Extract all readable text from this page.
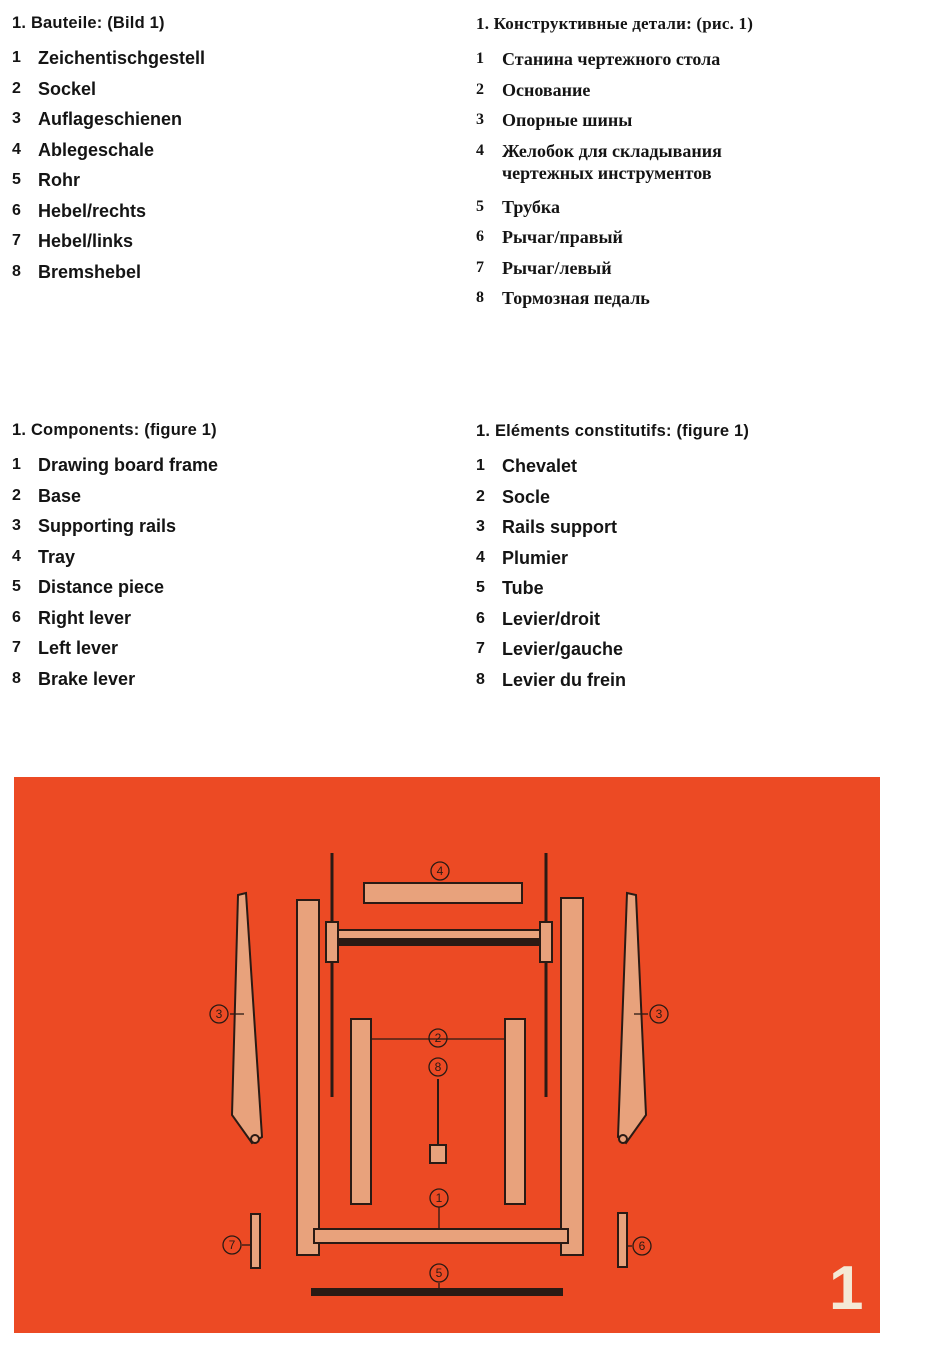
1. Bauteile: (Bild 1)
1 Zeichentischgestell
2 Sockel
3 Auflageschienen
4 Ablegeschale
5 Rohr
6 Hebel/rechts
7 Hebel/links
8 Bremshebel
1. Конструктивные детали: (рис. 1)
1	Станина чертежного стола
2	Основание
3	Опорные шины
4	Желобок для складывания
чертежных инструментов
5	Трубка
6	Рычаг/правый
7	Рычаг/левый
8	Тормозная педаль
1. Components: (figure 1)
1 Drawing board frame
2 Base
3 Supporting rails
4 Tray
5 Distance piece
6 Right lever
7 Left lever
8 Brake lever
1. Eléments constitutifs: (figure 1)
1 Chevalet
2 Socle
3 Rails support
4 Plumier
5 Tube
6 Levier/droit
7 Levier/gauche
8 Levier du frein
1
2
3	3
4
5
6
7
8
1
